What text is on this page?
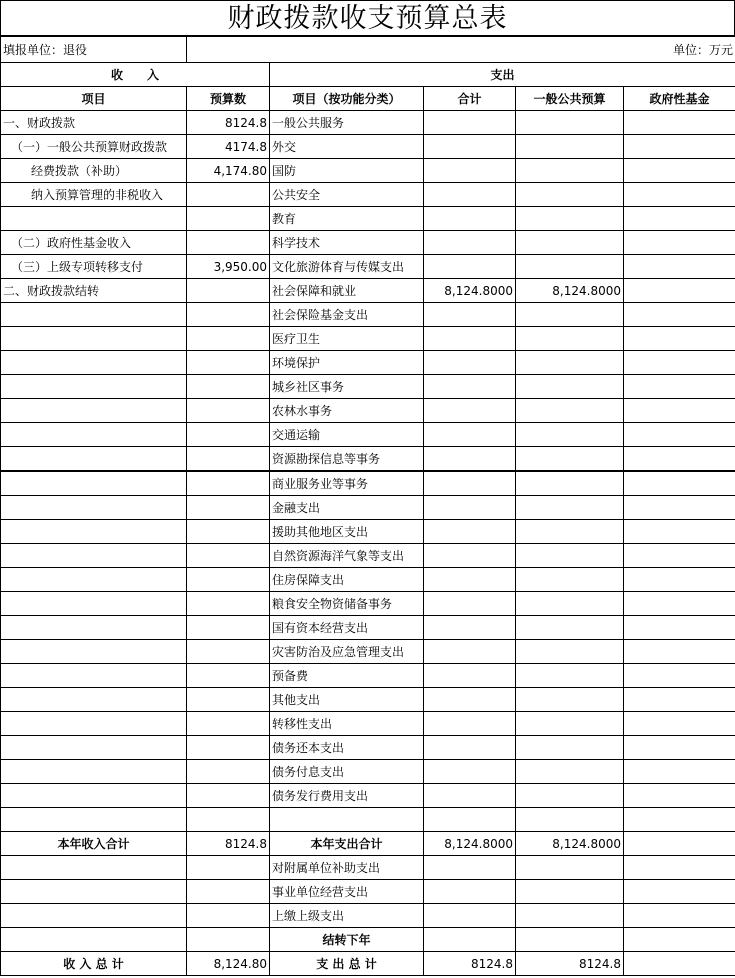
财政拨款收支预算总表
填报单位：退役	单位：万元				
收　　入		支出			
项目	预算数	项目（按功能分类）	合计	一般公共预算	政府性基金
一、财政拨款	8124.8	一般公共服务			
（一）一般公共预算财政拨款	4174.8	外交			
经费拨款（补助）	4,174.80	国防			
纳入预算管理的非税收入		公共安全			
		教育			
（二）政府性基金收入		科学技术			
（三）上级专项转移支付	3,950.00	文化旅游体育与传媒支出			
二、财政拨款结转		社会保障和就业	8,124.8000	8,124.8000	
		社会保险基金支出			
		医疗卫生			
		环境保护			
		城乡社区事务			
		农林水事务			
		交通运输			
		资源勘探信息等事务			
		商业服务业等事务			
		金融支出			
		援助其他地区支出			
		自然资源海洋气象等支出			
		住房保障支出			
		粮食安全物资储备事务			
		国有资本经营支出			
		灾害防治及应急管理支出			
		预备费			
		其他支出			
		转移性支出			
		债务还本支出			
		债务付息支出			
		债务发行费用支出			

本年收入合计	8124.8	本年支出合计	8,124.8000	8,124.8000	
		对附属单位补助支出			
		事业单位经营支出			
		上缴上级支出			
		结转下年			
收 入 总 计	8,124.80	支 出 总 计	8124.8	8124.8	
